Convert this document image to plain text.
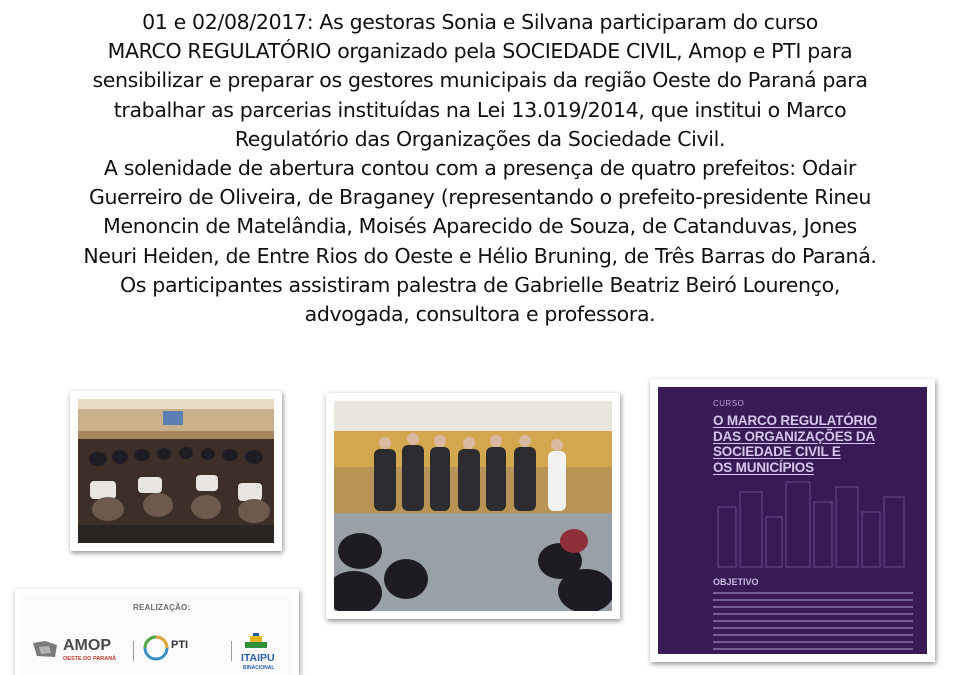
01 e 02/08/2017: As gestoras Sonia e Silvana participaram do curso
MARCO REGULATÓRIO organizado pela SOCIEDADE CIVIL, Amop e PTI para
sensibilizar e preparar os gestores municipais da região Oeste do Paraná para
trabalhar as parcerias instituídas na Lei 13.019/2014, que institui o Marco
Regulatório das Organizações da Sociedade Civil.

A solenidade de abertura contou com a presença de quatro prefeitos: Odair
Guerreiro de Oliveira, de Braganey (representando o prefeito-presidente Rineu
Menoncin de Matelândia, Moisés Aparecido de Souza, de Catanduvas, Jones
Neuri Heiden, de Entre Rios do Oeste e Hélio Bruning, de Três Barras do Paraná.

Os participantes assistiram palestra de Gabrielle Beatriz Beiró Lourenço,
advogada, consultora e professora.

CURSO
O MARCO REGULATÓRIO
DAS ORGANIZAÇÕES DA
SOCIEDADE CIVIL E
OS MUNICÍPIOS
OBJETIVO
REALIZAÇÃO:
AMOP
OESTE DO PARANÁ
PTI
ITAIPU
BINACIONAL
